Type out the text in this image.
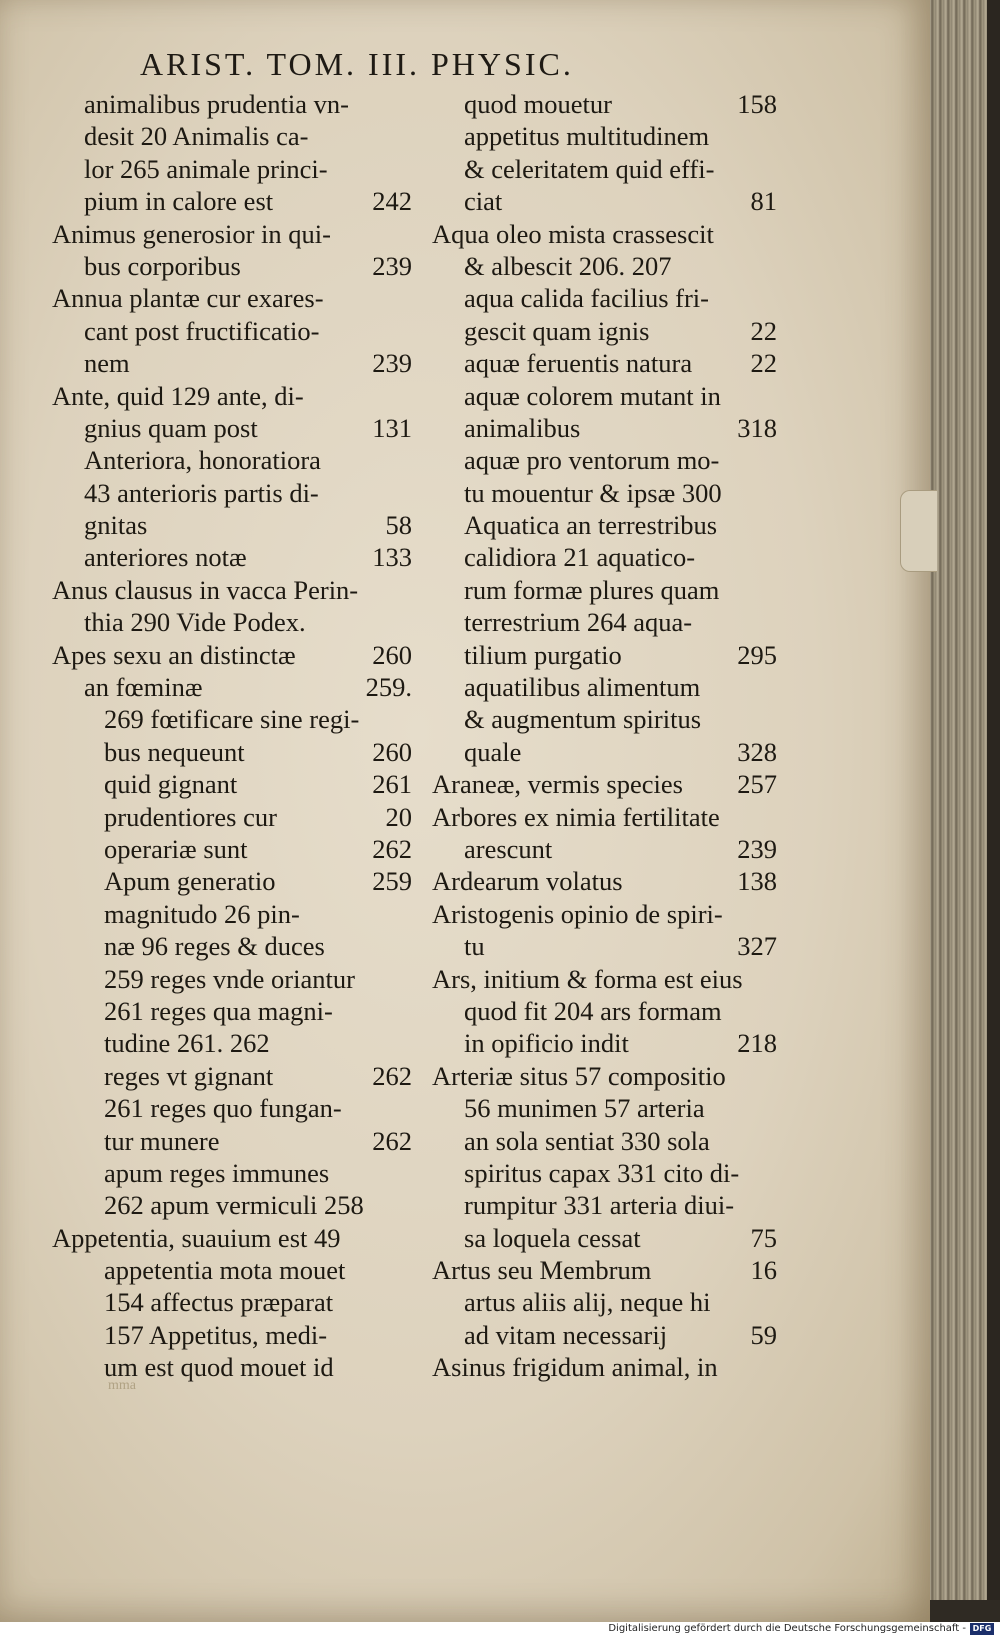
ARIST. TOM. III. PHYSIC.
animalibus prudentia vn-
desit 20 Animalis ca-
lor 265 animale princi-
pium in calore est	242
Animus generosior in qui-
bus corporibus	239
Annua plantæ cur exares-
cant post fructificatio-
nem	239
Ante, quid 129 ante, di-
gnius quam post	131
Anteriora, honoratiora
43 anterioris partis di-
gnitas	58
anteriores notæ	133
Anus clausus in vacca Perin-
thia 290 Vide Podex.
Apes sexu an distinctæ	260
an fœminæ	259.
269 fœtificare sine regi-
bus nequeunt	260
quid gignant	261
prudentiores cur	20
operariæ sunt	262
Apum generatio	259
magnitudo 26 pin-
næ 96 reges & duces
259 reges vnde oriantur
261 reges qua magni-
tudine 261. 262
reges vt gignant	262
261 reges quo fungan-
tur munere	262
apum reges immunes
262 apum vermiculi 258
Appetentia, suauium est 49
appetentia mota mouet
154 affectus præparat
157 Appetitus, medi-
um est quod mouet id
quod mouetur	158
appetitus multitudinem
& celeritatem quid effi-
ciat	81
Aqua oleo mista crassescit
& albescit 206. 207
aqua calida facilius fri-
gescit quam ignis	22
aquæ feruentis natura 22
aquæ colorem mutant in
animalibus	318
aquæ pro ventorum mo-
tu mouentur & ipsæ 300
Aquatica an terrestribus
calidiora 21 aquatico-
rum formæ plures quam
terrestrium 264 aqua-
tilium purgatio	295
aquatilibus alimentum
& augmentum spiritus
quale	328
Araneæ, vermis species 257
Arbores ex nimia fertilitate
arescunt	239
Ardearum volatus	138
Aristogenis opinio de spiri-
tu	327
Ars, initium & forma est eius
quod fit 204 ars formam
in opificio indit	218
Arteriæ situs 57 compositio
56 munimen 57 arteria
an sola sentiat 330 sola
spiritus capax 331 cito di-
rumpitur 331 arteria diui-
sa loquela cessat	75
Artus seu Membrum	16
artus aliis alij, neque hi
ad vitam necessarij	59
Asinus frigidum animal, in
mma
Digitalisierung gefördert durch die Deutsche Forschungsgemeinschaft - DFG
